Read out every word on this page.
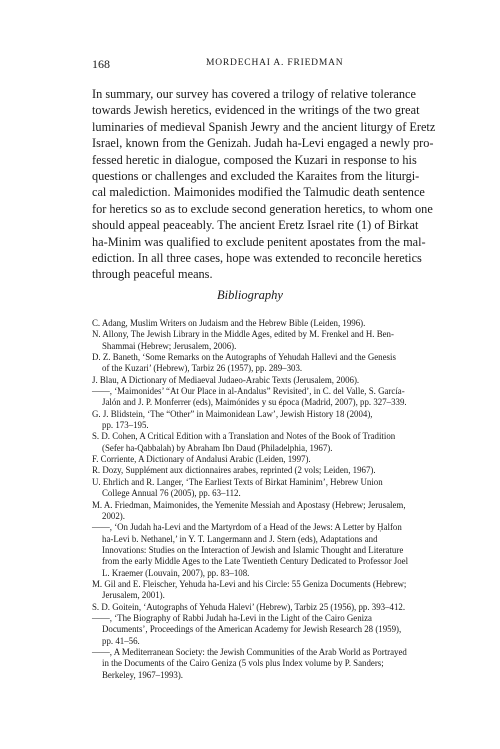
168	MORDECHAI A. FRIEDMAN
In summary, our survey has covered a trilogy of relative tolerance
towards Jewish heretics, evidenced in the writings of the two great
luminaries of medieval Spanish Jewry and the ancient liturgy of Eretz
Israel, known from the Genizah. Judah ha-Levi engaged a newly pro-
fessed heretic in dialogue, composed the Kuzari in response to his
questions or challenges and excluded the Karaites from the liturgi-
cal malediction. Maimonides modified the Talmudic death sentence
for heretics so as to exclude second generation heretics, to whom one
should appeal peaceably. The ancient Eretz Israel rite (1) of Birkat
ha-Minim was qualified to exclude penitent apostates from the mal-
ediction. In all three cases, hope was extended to reconcile heretics
through peaceful means.
Bibliography
C. Adang, Muslim Writers on Judaism and the Hebrew Bible (Leiden, 1996).
N. Allony, The Jewish Library in the Middle Ages, edited by M. Frenkel and H. Ben-
Shammai (Hebrew; Jerusalem, 2006).
D. Z. Baneth, ‘Some Remarks on the Autographs of Yehudah Hallevi and the Genesis
of the Kuzari’ (Hebrew), Tarbiz 26 (1957), pp. 289–303.
J. Blau, A Dictionary of Mediaeval Judaeo-Arabic Texts (Jerusalem, 2006).
——, ‘Maimonides’ “At Our Place in al-Andalus” Revisited’, in C. del Valle, S. García-
Jalón and J. P. Monferrer (eds), Maimónides y su época (Madrid, 2007), pp. 327–339.
G. J. Blidstein, ‘The “Other” in Maimonidean Law’, Jewish History 18 (2004),
pp. 173–195.
S. D. Cohen, A Critical Edition with a Translation and Notes of the Book of Tradition
(Sefer ha-Qabbalah) by Abraham Ibn Daud (Philadelphia, 1967).
F. Corriente, A Dictionary of Andalusi Arabic (Leiden, 1997).
R. Dozy, Supplément aux dictionnaires arabes, reprinted (2 vols; Leiden, 1967).
U. Ehrlich and R. Langer, ‘The Earliest Texts of Birkat Haminim’, Hebrew Union
College Annual 76 (2005), pp. 63–112.
M. A. Friedman, Maimonides, the Yemenite Messiah and Apostasy (Hebrew; Jerusalem,
2002).
——, ‘On Judah ha-Levi and the Martyrdom of a Head of the Jews: A Letter by Ḥalfon
ha-Levi b. Nethanel,’ in Y. T. Langermann and J. Stern (eds), Adaptations and
Innovations: Studies on the Interaction of Jewish and Islamic Thought and Literature
from the early Middle Ages to the Late Twentieth Century Dedicated to Professor Joel
L. Kraemer (Louvain, 2007), pp. 83–108.
M. Gil and E. Fleischer, Yehuda ha-Levi and his Circle: 55 Geniza Documents (Hebrew;
Jerusalem, 2001).
S. D. Goitein, ‘Autographs of Yehuda Halevi’ (Hebrew), Tarbiz 25 (1956), pp. 393–412.
——, ‘The Biography of Rabbi Judah ha-Levi in the Light of the Cairo Geniza
Documents’, Proceedings of the American Academy for Jewish Research 28 (1959),
pp. 41–56.
——, A Mediterranean Society: the Jewish Communities of the Arab World as Portrayed
in the Documents of the Cairo Geniza (5 vols plus Index volume by P. Sanders;
Berkeley, 1967–1993).
